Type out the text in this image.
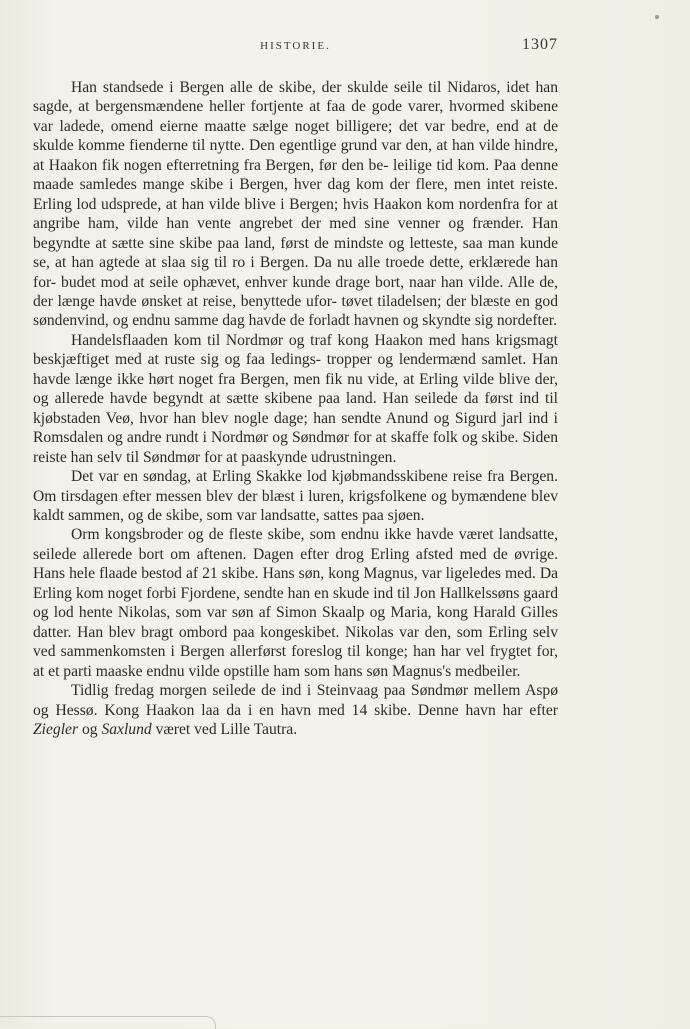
HISTORIE.	1307

Han standsede i Bergen alle de skibe, der skulde seile til Nidaros, idet han sagde, at bergensmændene heller fortjente at faa de gode varer, hvormed skibene var ladede, omend eierne maatte sælge noget billigere; det var bedre, end at de skulde komme fienderne til nytte. Den egentlige grund var den, at han vilde hindre, at Haakon fik nogen efterretning fra Bergen, før den be- leilige tid kom. Paa denne maade samledes mange skibe i Bergen, hver dag kom der flere, men intet reiste. Erling lod udsprede, at han vilde blive i Bergen; hvis Haakon kom nordenfra for at angribe ham, vilde han vente angrebet der med sine venner og frænder. Han begyndte at sætte sine skibe paa land, først de mindste og letteste, saa man kunde se, at han agtede at slaa sig til ro i Bergen. Da nu alle troede dette, erklærede han for- budet mod at seile ophævet, enhver kunde drage bort, naar han vilde. Alle de, der længe havde ønsket at reise, benyttede ufor- tøvet tiladelsen; der blæste en god søndenvind, og endnu samme dag havde de forladt havnen og skyndte sig nordefter.

Handelsflaaden kom til Nordmør og traf kong Haakon med hans krigsmagt beskjæftiget med at ruste sig og faa ledings- tropper og lendermænd samlet. Han havde længe ikke hørt noget fra Bergen, men fik nu vide, at Erling vilde blive der, og allerede havde begyndt at sætte skibene paa land. Han seilede da først ind til kjøbstaden Veø, hvor han blev nogle dage; han sendte Anund og Sigurd jarl ind i Romsdalen og andre rundt i Nordmør og Søndmør for at skaffe folk og skibe. Siden reiste han selv til Søndmør for at paaskynde udrustningen.

Det var en søndag, at Erling Skakke lod kjøbmandsskibene reise fra Bergen. Om tirsdagen efter messen blev der blæst i luren, krigsfolkene og bymændene blev kaldt sammen, og de skibe, som var landsatte, sattes paa sjøen.

Orm kongsbroder og de fleste skibe, som endnu ikke havde været landsatte, seilede allerede bort om aftenen. Dagen efter drog Erling afsted med de øvrige. Hans hele flaade bestod af 21 skibe. Hans søn, kong Magnus, var ligeledes med. Da Erling kom noget forbi Fjordene, sendte han en skude ind til Jon Hallkelssøns gaard og lod hente Nikolas, som var søn af Simon Skaalp og Maria, kong Harald Gilles datter. Han blev bragt ombord paa kongeskibet. Nikolas var den, som Erling selv ved sammenkomsten i Bergen allerførst foreslog til konge; han har vel frygtet for, at et parti maaske endnu vilde opstille ham som hans søn Magnus's medbeiler.

Tidlig fredag morgen seilede de ind i Steinvaag paa Søndmør mellem Aspø og Hessø. Kong Haakon laa da i en havn med 14 skibe. Denne havn har efter Ziegler og Saxlund været ved Lille Tautra.
